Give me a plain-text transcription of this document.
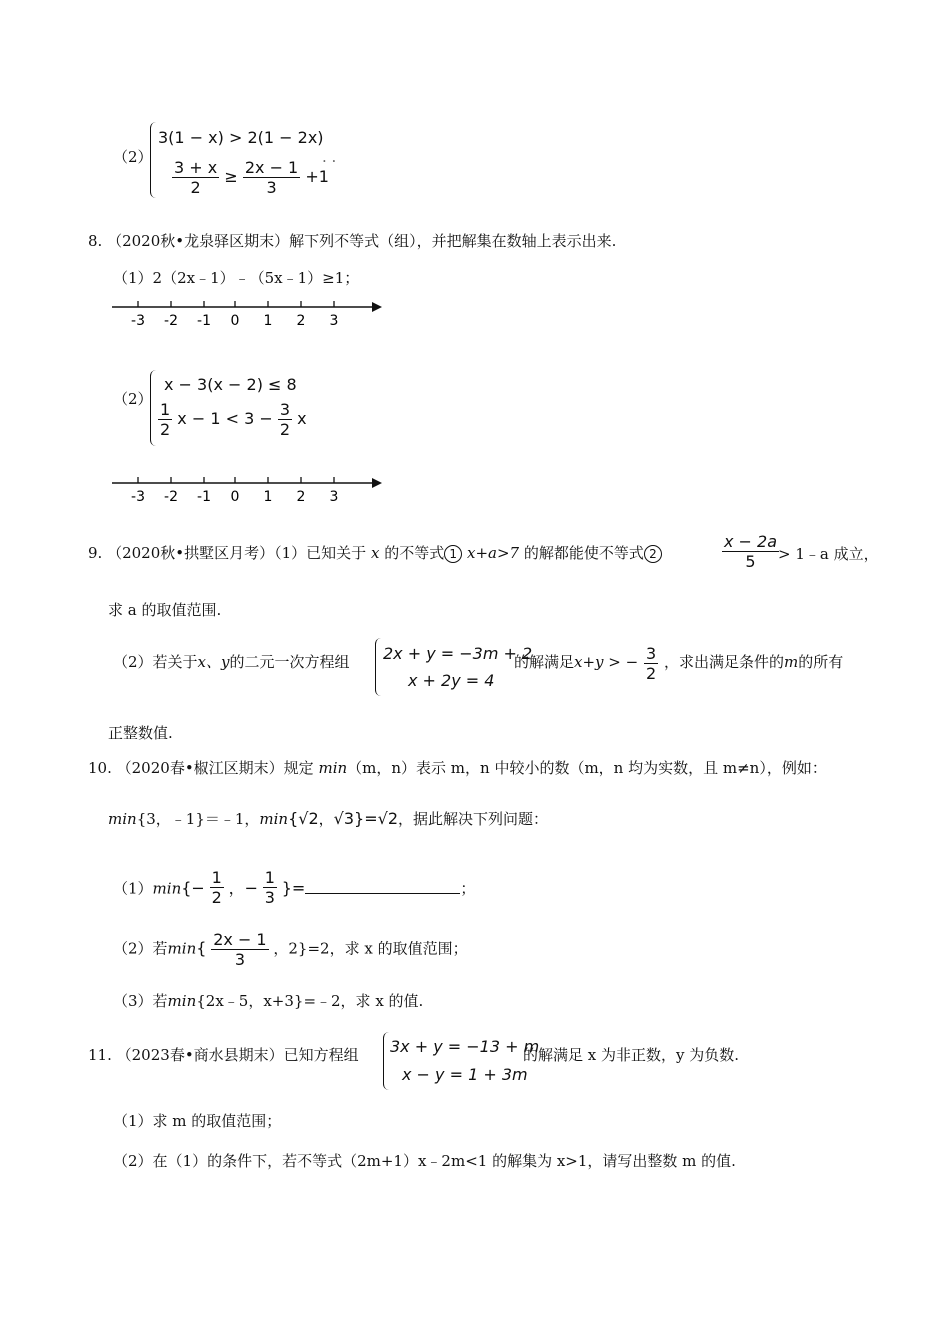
（2）
3(1 − x) > 2(1 − 2x)
$\frac{3 + x}{2} \ge \frac{2x - 1}{3} +1$
. .
8. （2020秋•龙泉驿区期末）解下列不等式（组），并把解集在数轴上表示出来.
（1）2（2x﹣1）﹣（5x﹣1）≥1；
-3 -2 -1 0 1 2 3
（2）
x − 3(x − 2) ≤ 8
$\frac{1}{2}$ $x - 1 < 3 - \frac{3}{2}$ x
-3 -2 -1 0 1 2 3
9. （2020秋•拱墅区月考）（1）已知关于 x 的不等式 1 x+a>7 的解都能使不等式 2	$\frac{x - 2a}{5}$
> 1﹣a 成立，
求 a 的取值范围.
（2）若关于x、y的二元一次方程组 2x + y = −3m + 2
x + 2y = 4
的解满足x+y > − $\frac{3}{2}$ ，求出满足条件的m的所有
正整数值.
10. （2020春•椒江区期末）规定 min（m，n）表示 m，n 中较小的数（m，n 均为实数，且 m≠n），例如：
min{3，﹣1}＝﹣1，min{√2，√3}=√2，据此解决下列问题：
$(1)\min\{- \frac{1}{2}$ ，− $\frac{1}{3}$ }=	；
（2）若$\min\{ \frac{2x - 1}{3}$ ，2}=2，求 x 的取值范围；
（3）若min{2x﹣5，x+3}=﹣2，求 x 的值.
11. （2023春•商水县期末）已知方程组 3x + y = −13 + m
x − y = 1 + 3m
的解满足 x 为非正数，y 为负数.
（1）求 m 的取值范围；
（2）在（1）的条件下，若不等式（2m+1）x﹣2m<1 的解集为 x>1，请写出整数 m 的值.
